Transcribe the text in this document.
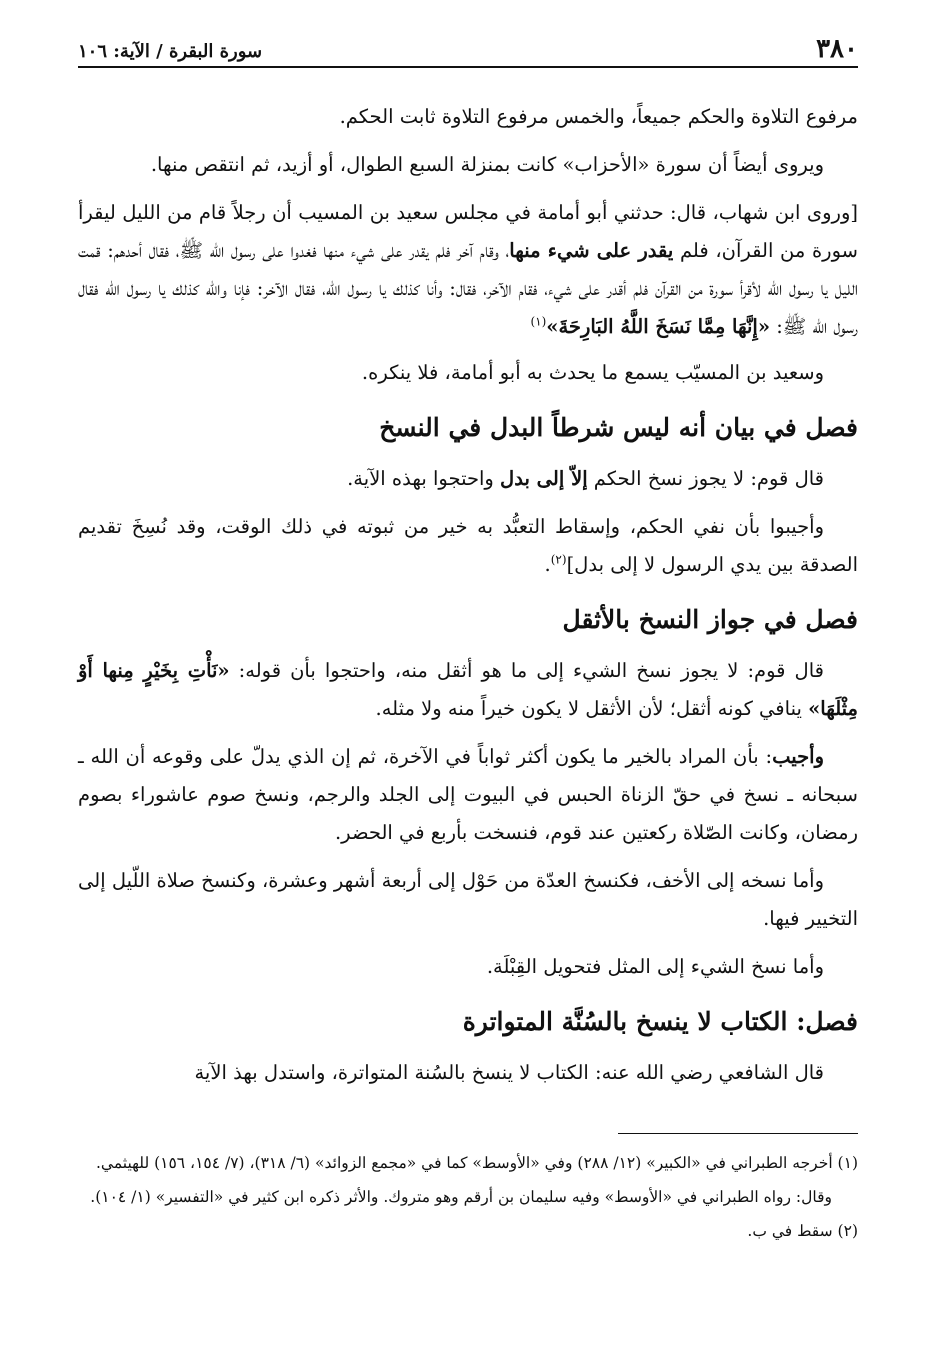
٣٨٠
سورة البقرة / الآية: ١٠٦

مرفوع التلاوة والحكم جميعاً، والخمس مرفوع التلاوة ثابت الحكم.

ويروى أيضاً أن سورة «الأحزاب» كانت بمنزلة السبع الطوال، أو أزيد، ثم انتقص منها.

[وروى ابن شهاب، قال: حدثني أبو أمامة في مجلس سعيد بن المسيب أن رجلاً قام من الليل ليقرأ سورة من القرآن، فلم يقدر على شيء منها، وقام آخر فلم يقدر على شيء منها فغدوا على رسول الله ﷺ، فقال أحدهم: قمت الليل يا رسول الله لأقرأ سورة من القرآن فلم أقدر على شيء، فقام الآخر، فقال: وأنا كذلك يا رسول الله، فقال الآخر: فإنا والله كذلك يا رسول الله فقال رسول الله ﷺ: «إِنَّهَا مِمَّا نَسَخَ اللَّهُ البَارِحَةَ»$^{(١)}$

وسعيد بن المسيّب يسمع ما يحدث به أبو أمامة، فلا ينكره.

فصل في بيان أنه ليس شرطاً البدل في النسخ

قال قوم: لا يجوز نسخ الحكم إلاّ إلى بدل واحتجوا بهذه الآية.

وأجيبوا بأن نفي الحكم، وإسقاط التعبُّد به خير من ثبوته في ذلك الوقت، وقد نُسِخَ تقديم الصدقة بين يدي الرسول لا إلى بدل]$^{(٢)}$.

فصل في جواز النسخ بالأثقل

قال قوم: لا يجوز نسخ الشيء إلى ما هو أثقل منه، واحتجوا بأن قوله: «نَأْتِ بِخَيْرٍ مِنها أَوْ مِثْلَهَا» ينافي كونه أثقل؛ لأن الأثقل لا يكون خيراً منه ولا مثله.

وأجيب: بأن المراد بالخير ما يكون أكثر ثواباً في الآخرة، ثم إن الذي يدلّ على وقوعه أن الله ـ سبحانه ـ نسخ في حقّ الزناة الحبس في البيوت إلى الجلد والرجم، ونسخ صوم عاشوراء بصوم رمضان، وكانت الصّلاة ركعتين عند قوم، فنسخت بأربع في الحضر.

وأما نسخه إلى الأخف، فكنسخ العدّة من حَوْل إلى أربعة أشهر وعشرة، وكنسخ صلاة اللّيل إلى التخيير فيها.

وأما نسخ الشيء إلى المثل فتحويل القِبْلَة.

فصل: الكتاب لا ينسخ بالسُنَّة المتواترة

قال الشافعي رضي الله عنه: الكتاب لا ينسخ بالسُنة المتواترة، واستدل بهذ الآية

(١) أخرجه الطبراني في «الكبير» (١٢/ ٢٨٨) وفي «الأوسط» كما في «مجمع الزوائد» (٦/ ٣١٨)، (٧/ ١٥٤، ١٥٦) للهيثمي.

وقال: رواه الطبراني في «الأوسط» وفيه سليمان بن أرقم وهو متروك. والأثر ذكره ابن كثير في «التفسير» (١/ ١٠٤).

(٢) سقط في ب.
